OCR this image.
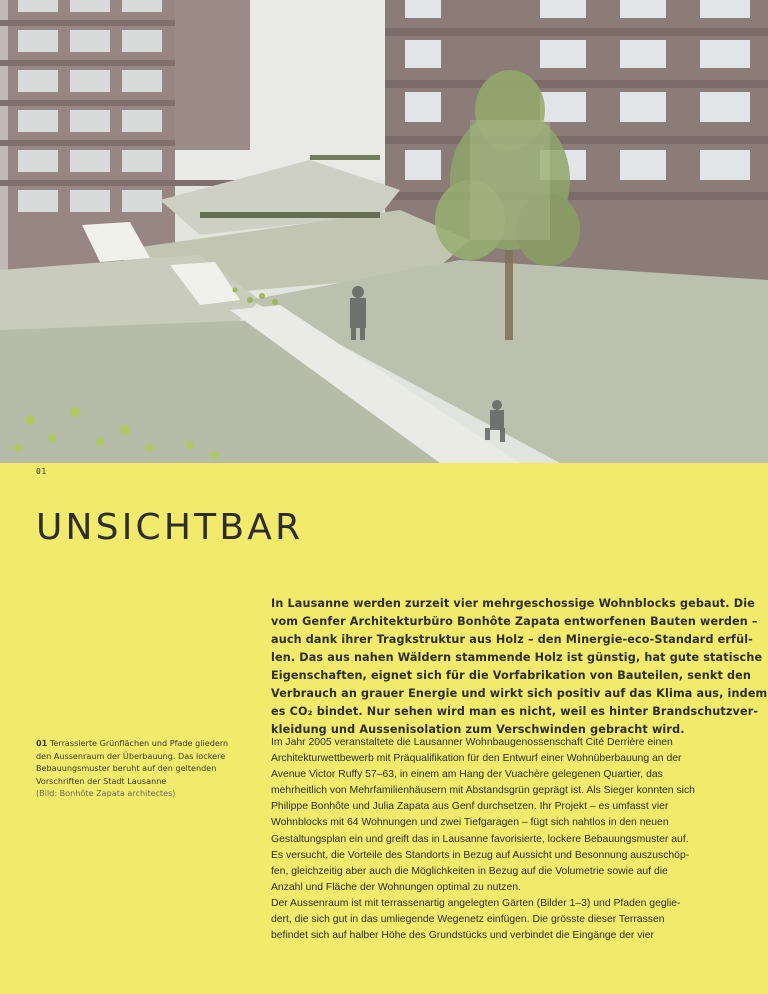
01
UNSICHTBAR

In Lausanne werden zurzeit vier mehrgeschossige Wohnblocks gebaut. Die
vom Genfer Architekturbüro Bonhôte Zapata entworfenen Bauten werden –
auch dank ihrer Tragkstruktur aus Holz – den Minergie-eco-Standard erfül-
len. Das aus nahen Wäldern stammende Holz ist günstig, hat gute statische
Eigenschaften, eignet sich für die Vorfabrikation von Bauteilen, senkt den
Verbrauch an grauer Energie und wirkt sich positiv auf das Klima aus, indem
es CO₂ bindet. Nur sehen wird man es nicht, weil es hinter Brandschutzver-
kleidung und Aussenisolation zum Verschwinden gebracht wird.

01 Terrassierte Grünflächen und Pfade gliedern
den Aussenraum der Überbauung. Das lockere
Bebauungsmuster beruht auf den geltenden
Vorschriften der Stadt Lausanne
(Bild: Bonhôte Zapata architectes)

Im Jahr 2005 veranstaltete die Lausanner Wohnbaugenossenschaft Cité Derrière einen
Architekturwettbewerb mit Präqualifikation für den Entwurf einer Wohnüberbauung an der
Avenue Victor Ruffy 57–63, in einem am Hang der Vuachère gelegenen Quartier, das
mehrheitlich von Mehrfamilienhäusern mit Abstandsgrün geprägt ist. Als Sieger konnten sich
Philippe Bonhôte und Julia Zapata aus Genf durchsetzen. Ihr Projekt – es umfasst vier
Wohnblocks mit 64 Wohnungen und zwei Tiefgaragen – fügt sich nahtlos in den neuen
Gestaltungsplan ein und greift das in Lausanne favorisierte, lockere Bebauungsmuster auf.
Es versucht, die Vorteile des Standorts in Bezug auf Aussicht und Besonnung auszuschöp-
fen, gleichzeitig aber auch die Möglichkeiten in Bezug auf die Volumetrie sowie auf die
Anzahl und Fläche der Wohnungen optimal zu nutzen.
Der Aussenraum ist mit terrassenartig angelegten Gärten (Bilder 1–3) und Pfaden geglie-
dert, die sich gut in das umliegende Wegenetz einfügen. Die grösste dieser Terrassen
befindet sich auf halber Höhe des Grundstücks und verbindet die Eingänge der vier
